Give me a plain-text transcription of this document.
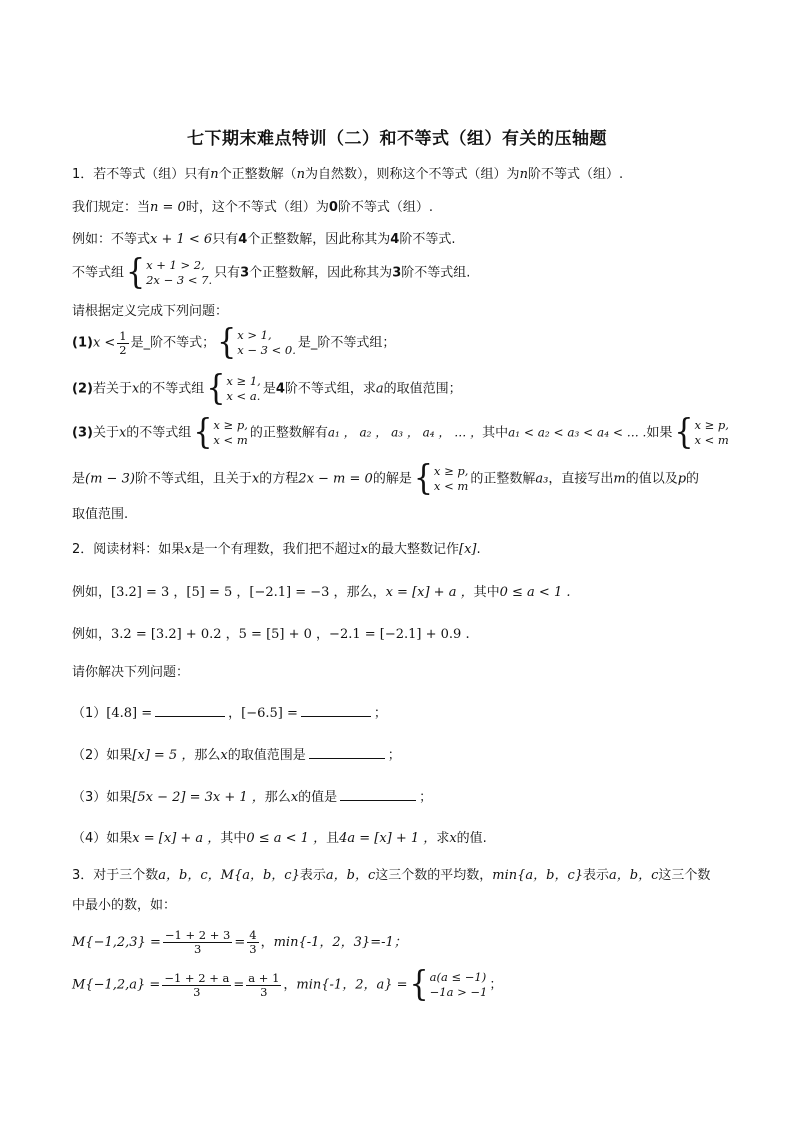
七下期末难点特训（二）和不等式（组）有关的压轴题
1．若不等式（组）只有n个正整数解（n为自然数），则称这个不等式（组）为n阶不等式（组）.
我们规定：当n = 0时，这个不等式（组）为0阶不等式（组）.
例如：不等式x + 1 < 6只有4个正整数解，因此称其为4阶不等式.
不等式组 { x + 1 > 2,
2x − 3 < 7. 只有3个正整数解，因此称其为3阶不等式组.
请根据定义完成下列问题：
$(1)x < \frac{1}{2}$ 是_阶不等式； { x > 1,
x − 3 < 0. 是_阶不等式组；
(2)若关于x的不等式组 { x ≥ 1,
x < a. 是4阶不等式组，求a的取值范围；
(3)关于x的不等式组 { x ≥ p,
x < m 的正整数解有a₁ ， a₂ ， a₃ ， a₄ ， … ，其中a₁ < a₂ < a₃ < a₄ < … .如果 { x ≥ p,
x < m
是(m − 3)阶不等式组，且关于x的方程2x − m = 0的解是 { x ≥ p,
x < m 的正整数解a₃，直接写出m的值以及p的
取值范围.
2．阅读材料：如果x是一个有理数，我们把不超过x的最大整数记作[x].
例如，[3.2] = 3 ，[5] = 5 ，[−2.1] = −3 ，那么，x = [x] + a ，其中0 ≤ a < 1 .
例如，3.2 = [3.2] + 0.2 ，5 = [5] + 0 ，−2.1 = [−2.1] + 0.9 .
请你解决下列问题：
（1）[4.8] =	，[−6.5] =	；
（2）如果[x] = 5 ，那么x的取值范围是	；
（3）如果[5x − 2] = 3x + 1 ，那么x的值是	；
（4）如果x = [x] + a ，其中0 ≤ a < 1 ，且4a = [x] + 1 ，求x的值.
3．对于三个数a，b，c，M{a，b，c}表示a，b，c这三个数的平均数，min{a，b，c}表示a，b，c这三个数
中最小的数，如：
$M\{-1,2,3\} = \frac{-1 + 2 + 3}{3} = \frac{4}{3}$ ，min{-1，2，3}=-1；
$M\{-1,2,a\} = \frac{-1 + 2 + a}{3} = \frac{a + 1}{3}$ ，min{-1，2，a} = { a(a ≤ −1)
−1a > −1 ；
